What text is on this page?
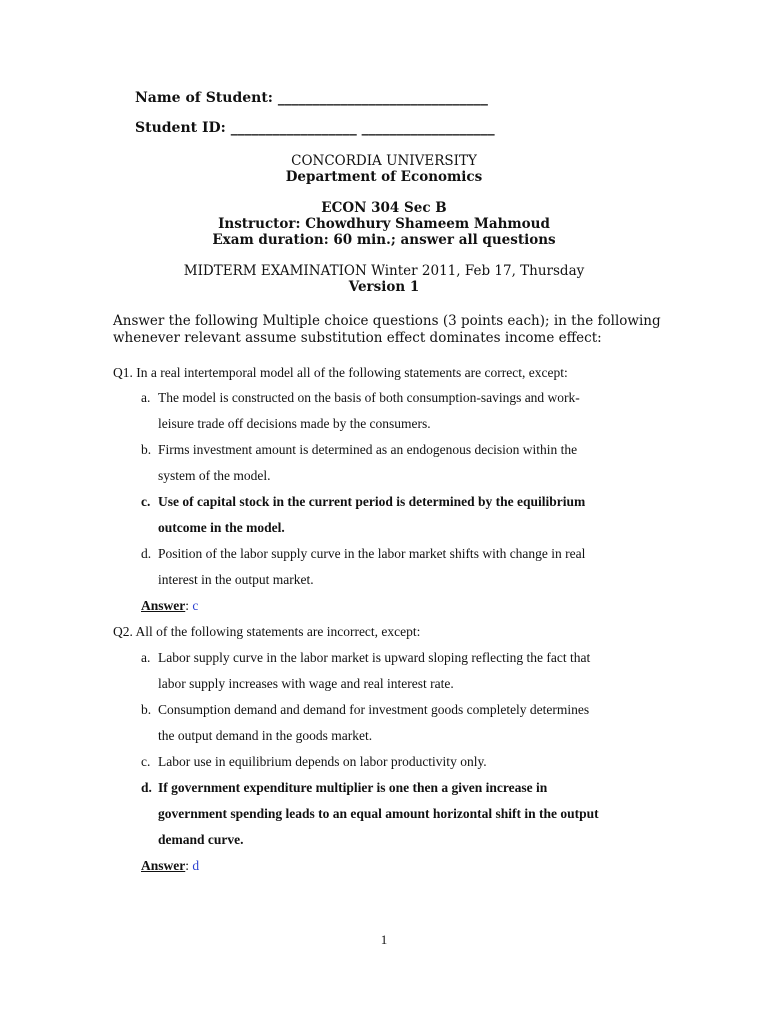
Name of Student: ______________________________
Student ID: __________________ ___________________
CONCORDIA UNIVERSITY
Department of Economics
ECON 304 Sec B
Instructor: Chowdhury Shameem Mahmoud
Exam duration: 60 min.; answer all questions
MIDTERM EXAMINATION Winter 2011, Feb 17, Thursday
Version 1
Answer the following Multiple choice questions (3 points each); in the following
whenever relevant assume substitution effect dominates income effect:
Q1. In a real intertemporal model all of the following statements are correct, except:
a. The model is constructed on the basis of both consumption-savings and work-
leisure trade off decisions made by the consumers.
b. Firms investment amount is determined as an endogenous decision within the
system of the model.
c. Use of capital stock in the current period is determined by the equilibrium
outcome in the model.
d. Position of the labor supply curve in the labor market shifts with change in real
interest in the output market.
Answer: c
Q2. All of the following statements are incorrect, except:
a. Labor supply curve in the labor market is upward sloping reflecting the fact that
labor supply increases with wage and real interest rate.
b. Consumption demand and demand for investment goods completely determines
the output demand in the goods market.
c. Labor use in equilibrium depends on labor productivity only.
d. If government expenditure multiplier is one then a given increase in
government spending leads to an equal amount horizontal shift in the output
demand curve.
Answer: d
1
